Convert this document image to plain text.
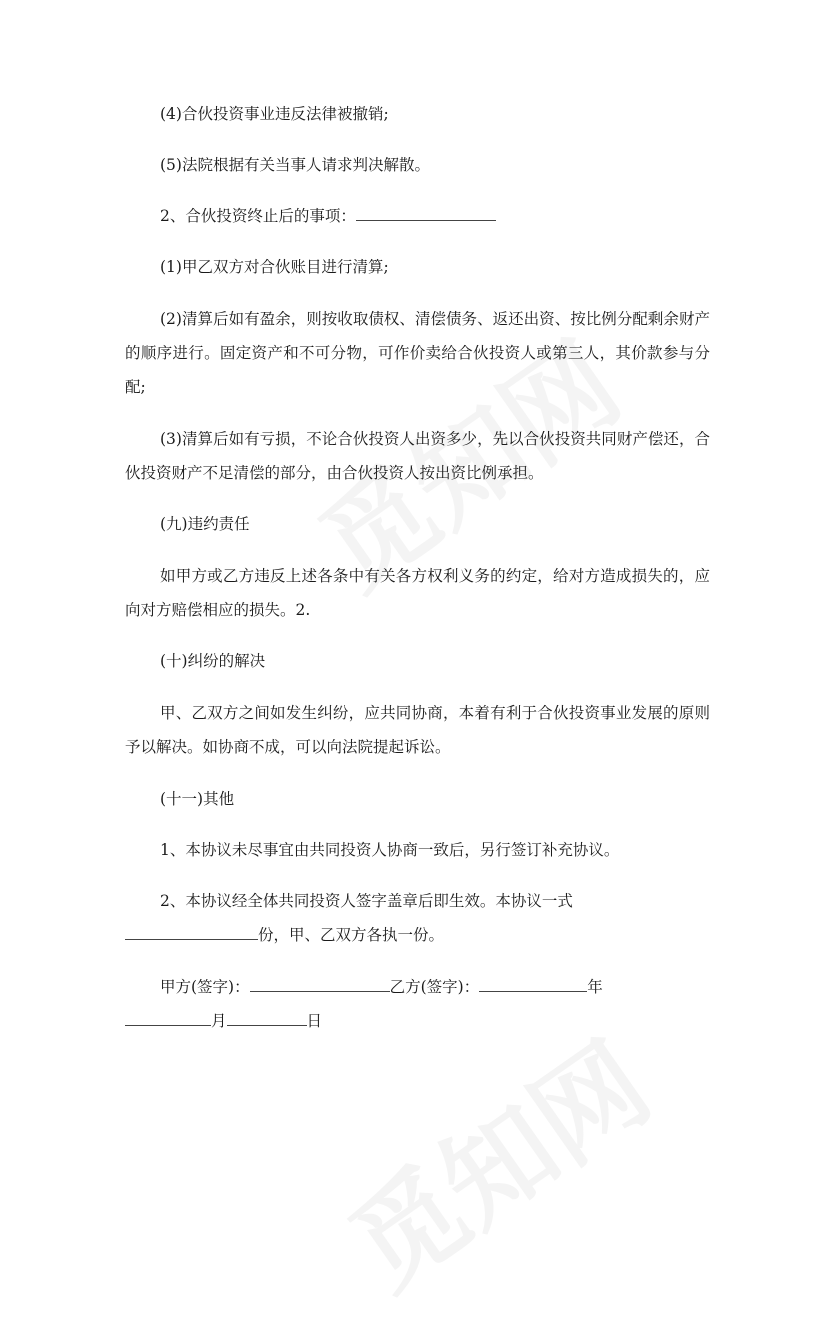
(4)合伙投资事业违反法律被撤销;

(5)法院根据有关当事人请求判决解散。

2、合伙投资终止后的事项：

(1)甲乙双方对合伙账目进行清算;

(2)清算后如有盈余，则按收取债权、清偿债务、返还出资、按比例分配剩余财产的顺序进行。固定资产和不可分物，可作价卖给合伙投资人或第三人，其价款参与分配;

(3)清算后如有亏损，不论合伙投资人出资多少，先以合伙投资共同财产偿还，合伙投资财产不足清偿的部分，由合伙投资人按出资比例承担。

(九)违约责任

如甲方或乙方违反上述各条中有关各方权利义务的约定，给对方造成损失的，应向对方赔偿相应的损失。2.

(十)纠纷的解决

甲、乙双方之间如发生纠纷，应共同协商，本着有利于合伙投资事业发展的原则予以解决。如协商不成，可以向法院提起诉讼。

(十一)其他

1、本协议未尽事宜由共同投资人协商一致后，另行签订补充协议。

2、本协议经全体共同投资人签字盖章后即生效。本协议一式

份，甲、乙双方各执一份。

甲方(签字)：	乙方(签字)：	年

月	日
